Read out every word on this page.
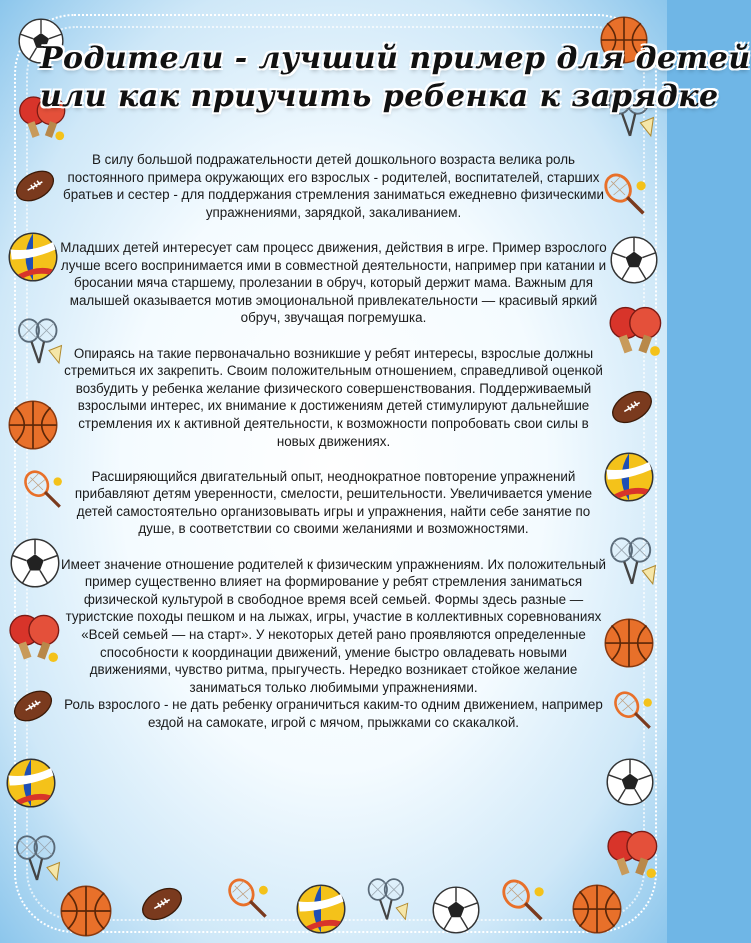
Родители - лучший пример для детей
или как приучить ребенка к зарядке

В силу большой подражательности детей дошкольного возраста велика роль постоянного примера окружающих его взрослых - родителей, воспитателей, старших братьев и сестер - для поддержания стремления заниматься ежедневно физическими упражнениями, зарядкой, закаливанием.

Младших детей интересует сам процесс движения, действия в игре. Пример взрослого лучше всего воспринимается ими в совместной деятельности, например при катании и бросании мяча старшему, пролезании в обруч, который держит мама. Важным для малышей оказывается мотив эмоциональной привлекательности — красивый яркий обруч, звучащая погремушка.

Опираясь на такие первоначально возникшие у ребят интересы, взрослые должны стремиться их закрепить. Своим положительным отношением, справедливой оценкой возбудить у ребенка желание физического совершенствования. Поддерживаемый взрослыми интерес, их внимание к достижениям детей стимулируют дальнейшие стремления их к активной деятельности, к возможности попробовать свои силы в новых движениях.

Расширяющийся двигательный опыт, неоднократное повторение упражнений прибавляют детям уверенности, смелости, решительности. Увеличивается умение детей самостоятельно организовывать игры и упражнения, найти себе занятие по душе, в соответствии со своими желаниями и возможностями.

Имеет значение отношение родителей к физическим упражнениям. Их положительный пример существенно влияет на формирование у ребят стремления заниматься физической культурой в свободное время всей семьей. Формы здесь разные — туристские походы пешком и на лыжах, игры, участие в коллективных соревнованиях «Всей семьей — на старт». У некоторых детей рано проявляются определенные способности к координации движений, умение быстро овладевать новыми движениями, чувство ритма, прыгучесть. Нередко возникает стойкое желание заниматься только любимыми упражнениями.

Роль взрослого - не дать ребенку ограничиться каким-то одним движением, например ездой на самокате, игрой с мячом, прыжками со скакалкой.
